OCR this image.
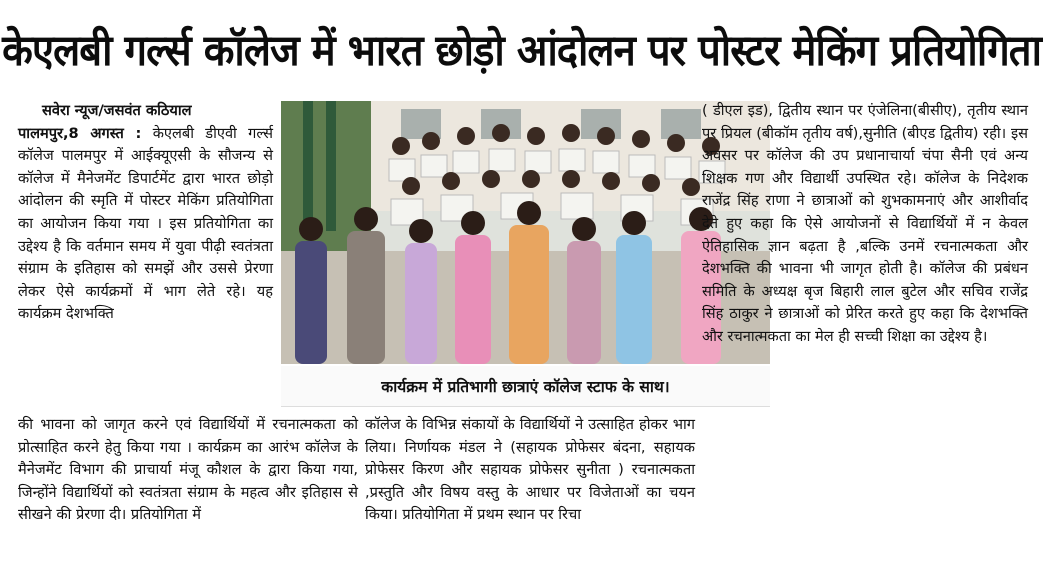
केएलबी गर्ल्स कॉलेज में भारत छोड़ो आंदोलन पर पोस्टर मेकिंग प्रतियोगिता

सवेरा न्यूज/जसवंत कठियाल
पालमपुर,8 अगस्त : केएलबी डीएवी गर्ल्स कॉलेज पालमपुर में आईक्यूएसी के सौजन्य से कॉलेज में मैनेजमेंट डिपार्टमेंट द्वारा भारत छोड़ो आंदोलन की स्मृति में पोस्टर मेकिंग प्रतियोगिता का आयोजन किया गया । इस प्रतियोगिता का उद्देश्य है कि वर्तमान समय में युवा पीढ़ी स्वतंत्रता संग्राम के इतिहास को समझें और उससे प्रेरणा लेकर ऐसे कार्यक्रमों में भाग लेते रहे। यह कार्यक्रम देशभक्ति

कार्यक्रम में प्रतिभागी छात्राएं कॉलेज स्टाफ के साथ।

की भावना को जागृत करने एवं विद्यार्थियों में रचनात्मकता को प्रोत्साहित करने हेतु किया गया । कार्यक्रम का आरंभ कॉलेज के मैनेजमेंट विभाग की प्राचार्या मंजू कौशल के द्वारा किया गया, जिन्होंने विद्यार्थियों को स्वतंत्रता संग्राम के महत्व और इतिहास से सीखने की प्रेरणा दी। प्रतियोगिता में

कॉलेज के विभिन्न संकायों के विद्यार्थियों ने उत्साहित होकर भाग लिया। निर्णायक मंडल ने (सहायक प्रोफेसर बंदना, सहायक प्रोफेसर किरण और सहायक प्रोफेसर सुनीता ) रचनात्मकता ,प्रस्तुति और विषय वस्तु के आधार पर विजेताओं का चयन किया। प्रतियोगिता में प्रथम स्थान पर रिचा

( डीएल इड), द्वितीय स्थान पर एंजेलिना(बीसीए), तृतीय स्थान पर प्रियल (बीकॉम तृतीय वर्ष),सुनीति (बीएड द्वितीय) रही। इस अवसर पर कॉलेज की उप प्रधानाचार्या चंपा सैनी एवं अन्य शिक्षक गण और विद्यार्थी उपस्थित रहे। कॉलेज के निदेशक राजेंद्र सिंह राणा ने छात्राओं को शुभकामनाएं और आशीर्वाद देते हुए कहा कि ऐसे आयोजनों से विद्यार्थियों में न केवल ऐतिहासिक ज्ञान बढ़ता है ,बल्कि उनमें रचनात्मकता और देशभक्ति की भावना भी जागृत होती है। कॉलेज की प्रबंधन समिति के अध्यक्ष बृज बिहारी लाल बुटेल और सचिव राजेंद्र सिंह ठाकुर ने छात्राओं को प्रेरित करते हुए कहा कि देशभक्ति और रचनात्मकता का मेल ही सच्ची शिक्षा का उद्देश्य है।
